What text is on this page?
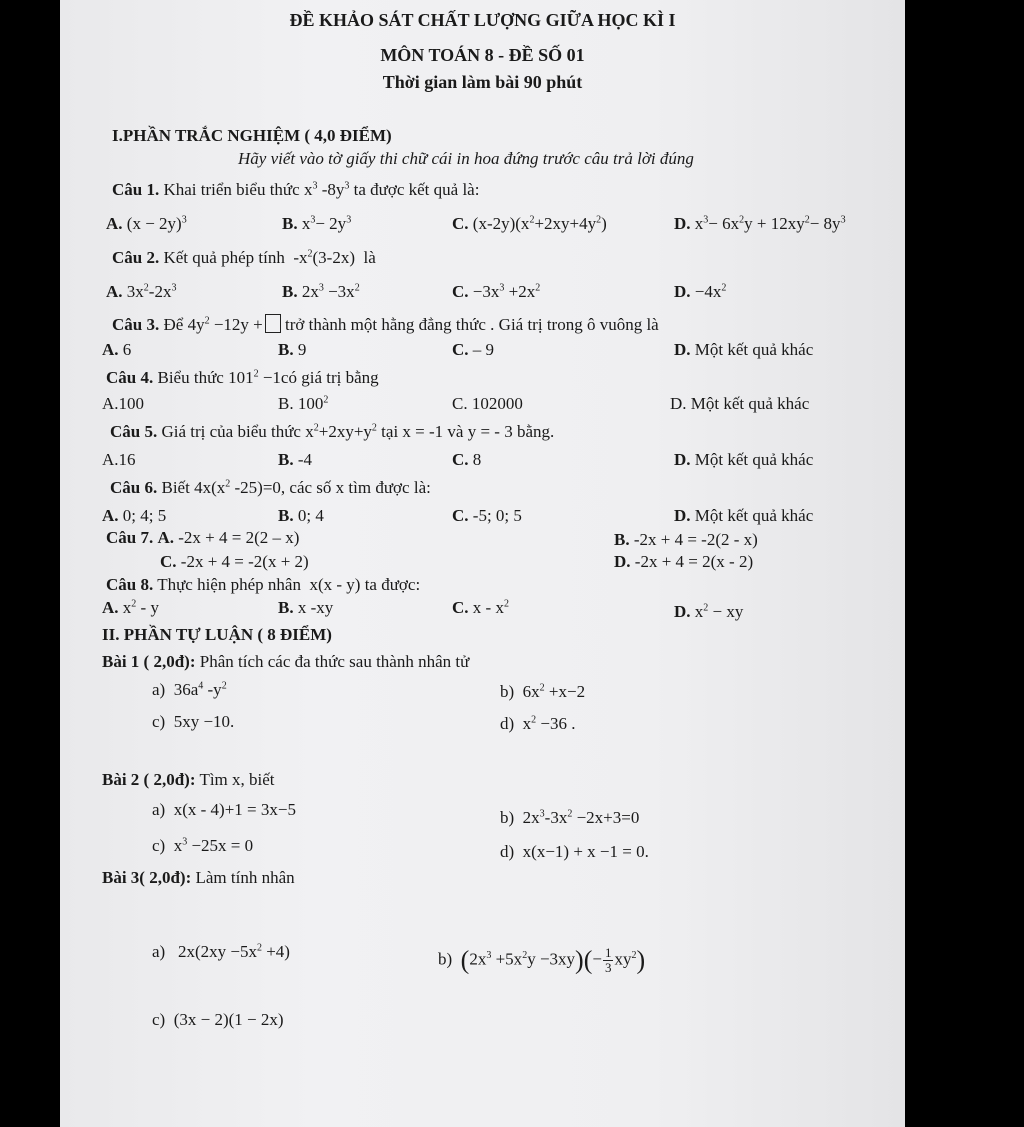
ĐỀ KHẢO SÁT CHẤT LƯỢNG GIỮA HỌC KÌ I
MÔN TOÁN 8 - ĐỀ SỐ 01
Thời gian làm bài 90 phút
I.PHẦN TRẮC NGHIỆM ( 4,0 ĐIỂM)
Hãy viết vào tờ giấy thi chữ cái in hoa đứng trước câu trả lời đúng
Câu 1. Khai triển biểu thức $x^3$ $-8y^3$ ta được kết quả là:
A. $(x - 2y)^3$	B. $x^3- 2y^3$	C. $(x-2y)(x^2+2xy+4y^2)$	D. $x^3- 6x^2y + 12xy^2- 8y^3$
Câu 2. Kết quả phép tính  $-x^2(3-2x)$  là
A. $3x^2-2x^3$	B. $2x^3 -3x^2$	C. $-3x^3 +2x^2$	D. $-4x^2$
Câu 3. Để $4y^2 -12y$ + trở thành một hằng đẳng thức . Giá trị trong ô vuông là
A. 6	B. 9	C. – 9	D. Một kết quả khác
Câu 4. Biểu thức $101^2$ −1có giá trị bằng
A.100	B. $100^2$	C. 102000	D. Một kết quả khác
Câu 5. Giá trị của biểu thức $x^2+2xy+y^2$ tại x = -1 và y = - 3 bằng.
A.16	B. -4	C. 8	D. Một kết quả khác
Câu 6. Biết $4x(x^2$ -25)=0, các số x tìm được là:
A. 0; 4; 5	B. 0; 4	C. -5; 0; 5	D. Một kết quả khác
Câu 7. A. -2x + 4 = 2(2 – x)	B. -2x + 4 = -2(2 - x)
C. -2x + 4 = -2(x + 2)	D. -2x + 4 = 2(x - 2)
Câu 8. Thực hiện phép nhân x(x - y) ta được:
A. $x^2$ - y	B. x -xy	C. x - $x^2$	D. $x^2$ − xy
II. PHẦN TỰ LUẬN ( 8 ĐIỂM)
Bài 1 ( 2,0đ): Phân tích các đa thức sau thành nhân tử
a)  $36a^4$ $-y^2$	b)  $6x^2 +x-2$
c)  5xy −10.	d)  $x^2 -36$ .
Bài 2 ( 2,0đ): Tìm x, biết
a)  x(x - 4)+1 = 3x−5	b)  $2x^3-3x^2 -2x+3=0$
c)  $x^3 -25x = 0$	d)  x(x−1) + x −1 = 0.
Bài 3( 2,0đ): Làm tính nhân
a)   $2x(2xy -5x^2 +4)$	b)  $(2x^3 +5x^2y -3xy)(- \frac{1}{3} xy^2)$
c)  (3x − 2)(1 − 2x)
